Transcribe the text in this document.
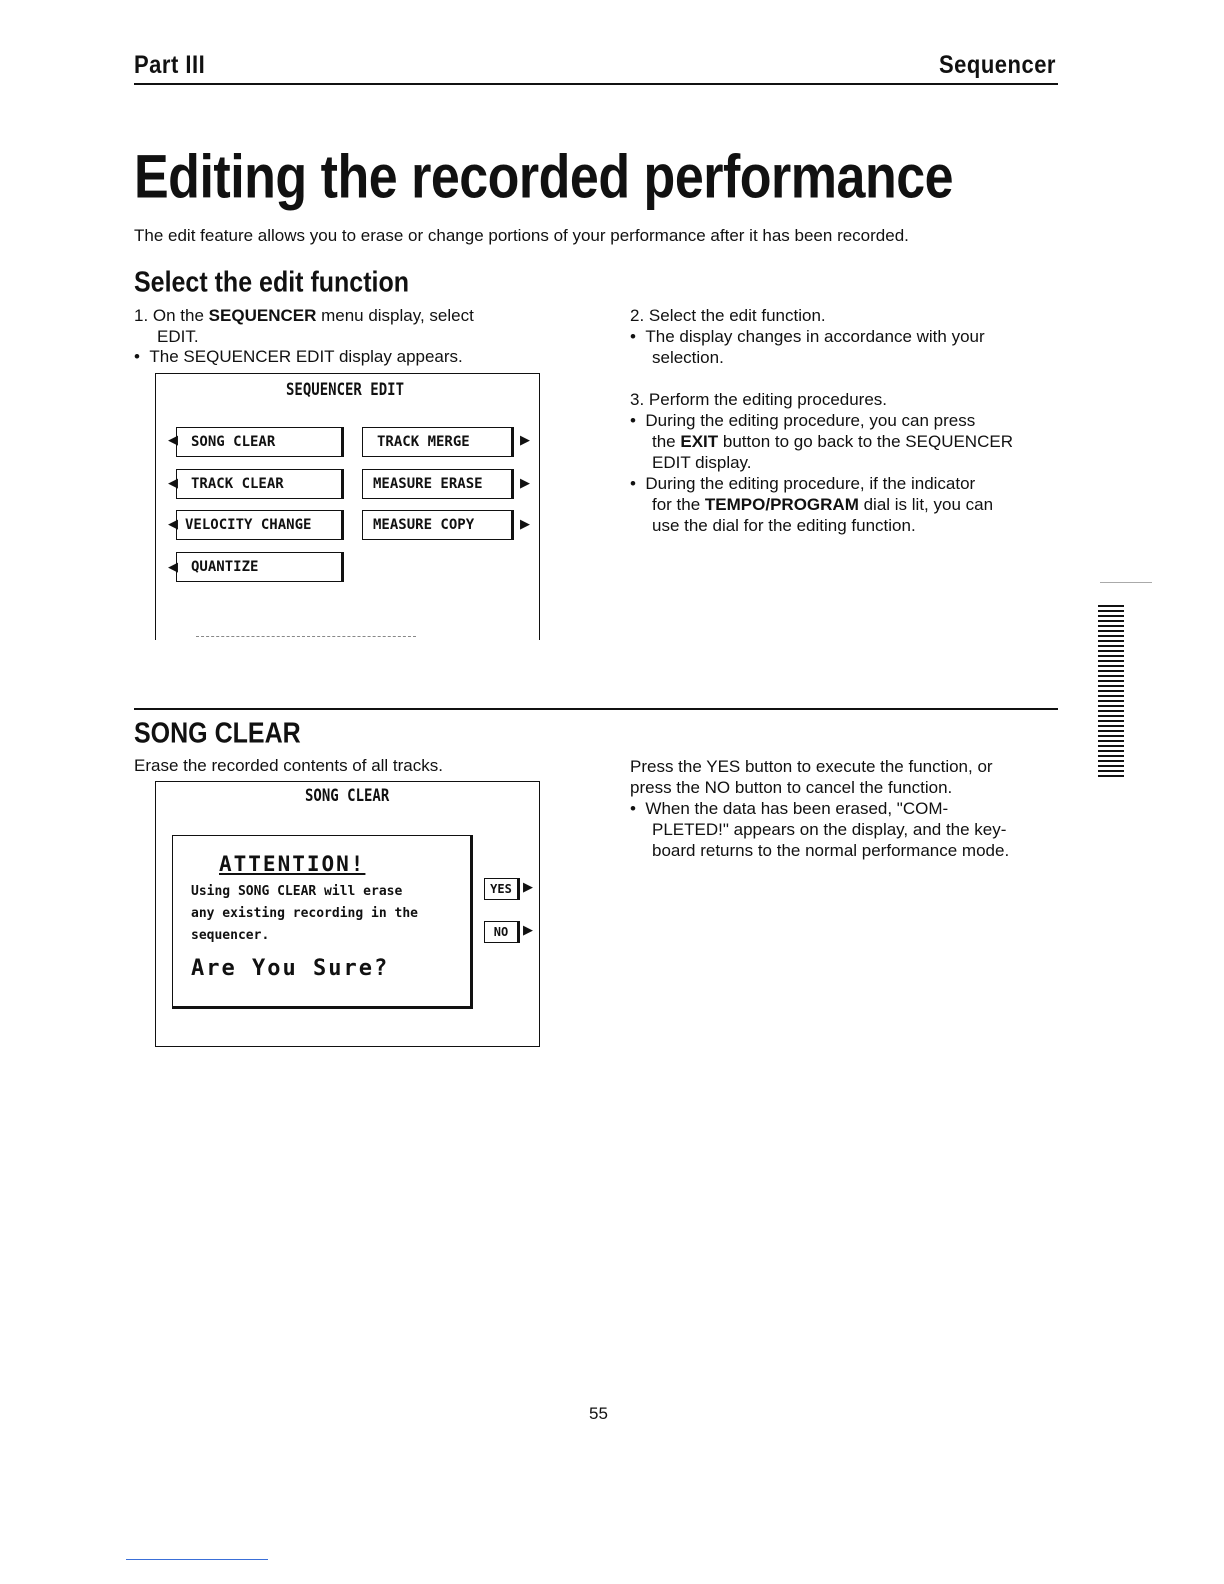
Part III	Sequencer
Editing the recorded performance
The edit feature allows you to erase or change portions of your performance after it has been recorded.
Select the edit function
1. On the SEQUENCER menu display, select
EDIT.
•  The SEQUENCER EDIT display appears.
SEQUENCER EDIT
◀ SONG CLEAR
◀ TRACK CLEAR
◀ VELOCITY CHANGE
◀ QUANTIZE
TRACK MERGE	▶
MEASURE ERASE	▶
MEASURE COPY	▶
2. Select the edit function.
•  The display changes in accordance with your
selection.
3. Perform the editing procedures.
•  During the editing procedure, you can press
the EXIT button to go back to the SEQUENCER
EDIT display.
•  During the editing procedure, if the indicator
for the TEMPO/PROGRAM dial is lit, you can
use the dial for the editing function.
SONG CLEAR
Erase the recorded contents of all tracks.
SONG CLEAR
ATTENTION!
Using SONG CLEAR will erase
any existing recording in the
sequencer.
Are You Sure?
YES ▶
NO	▶
Press the YES button to execute the function, or
press the NO button to cancel the function.
•  When the data has been erased, "COM-
PLETED!" appears on the display, and the key-
board returns to the normal performance mode.
55
